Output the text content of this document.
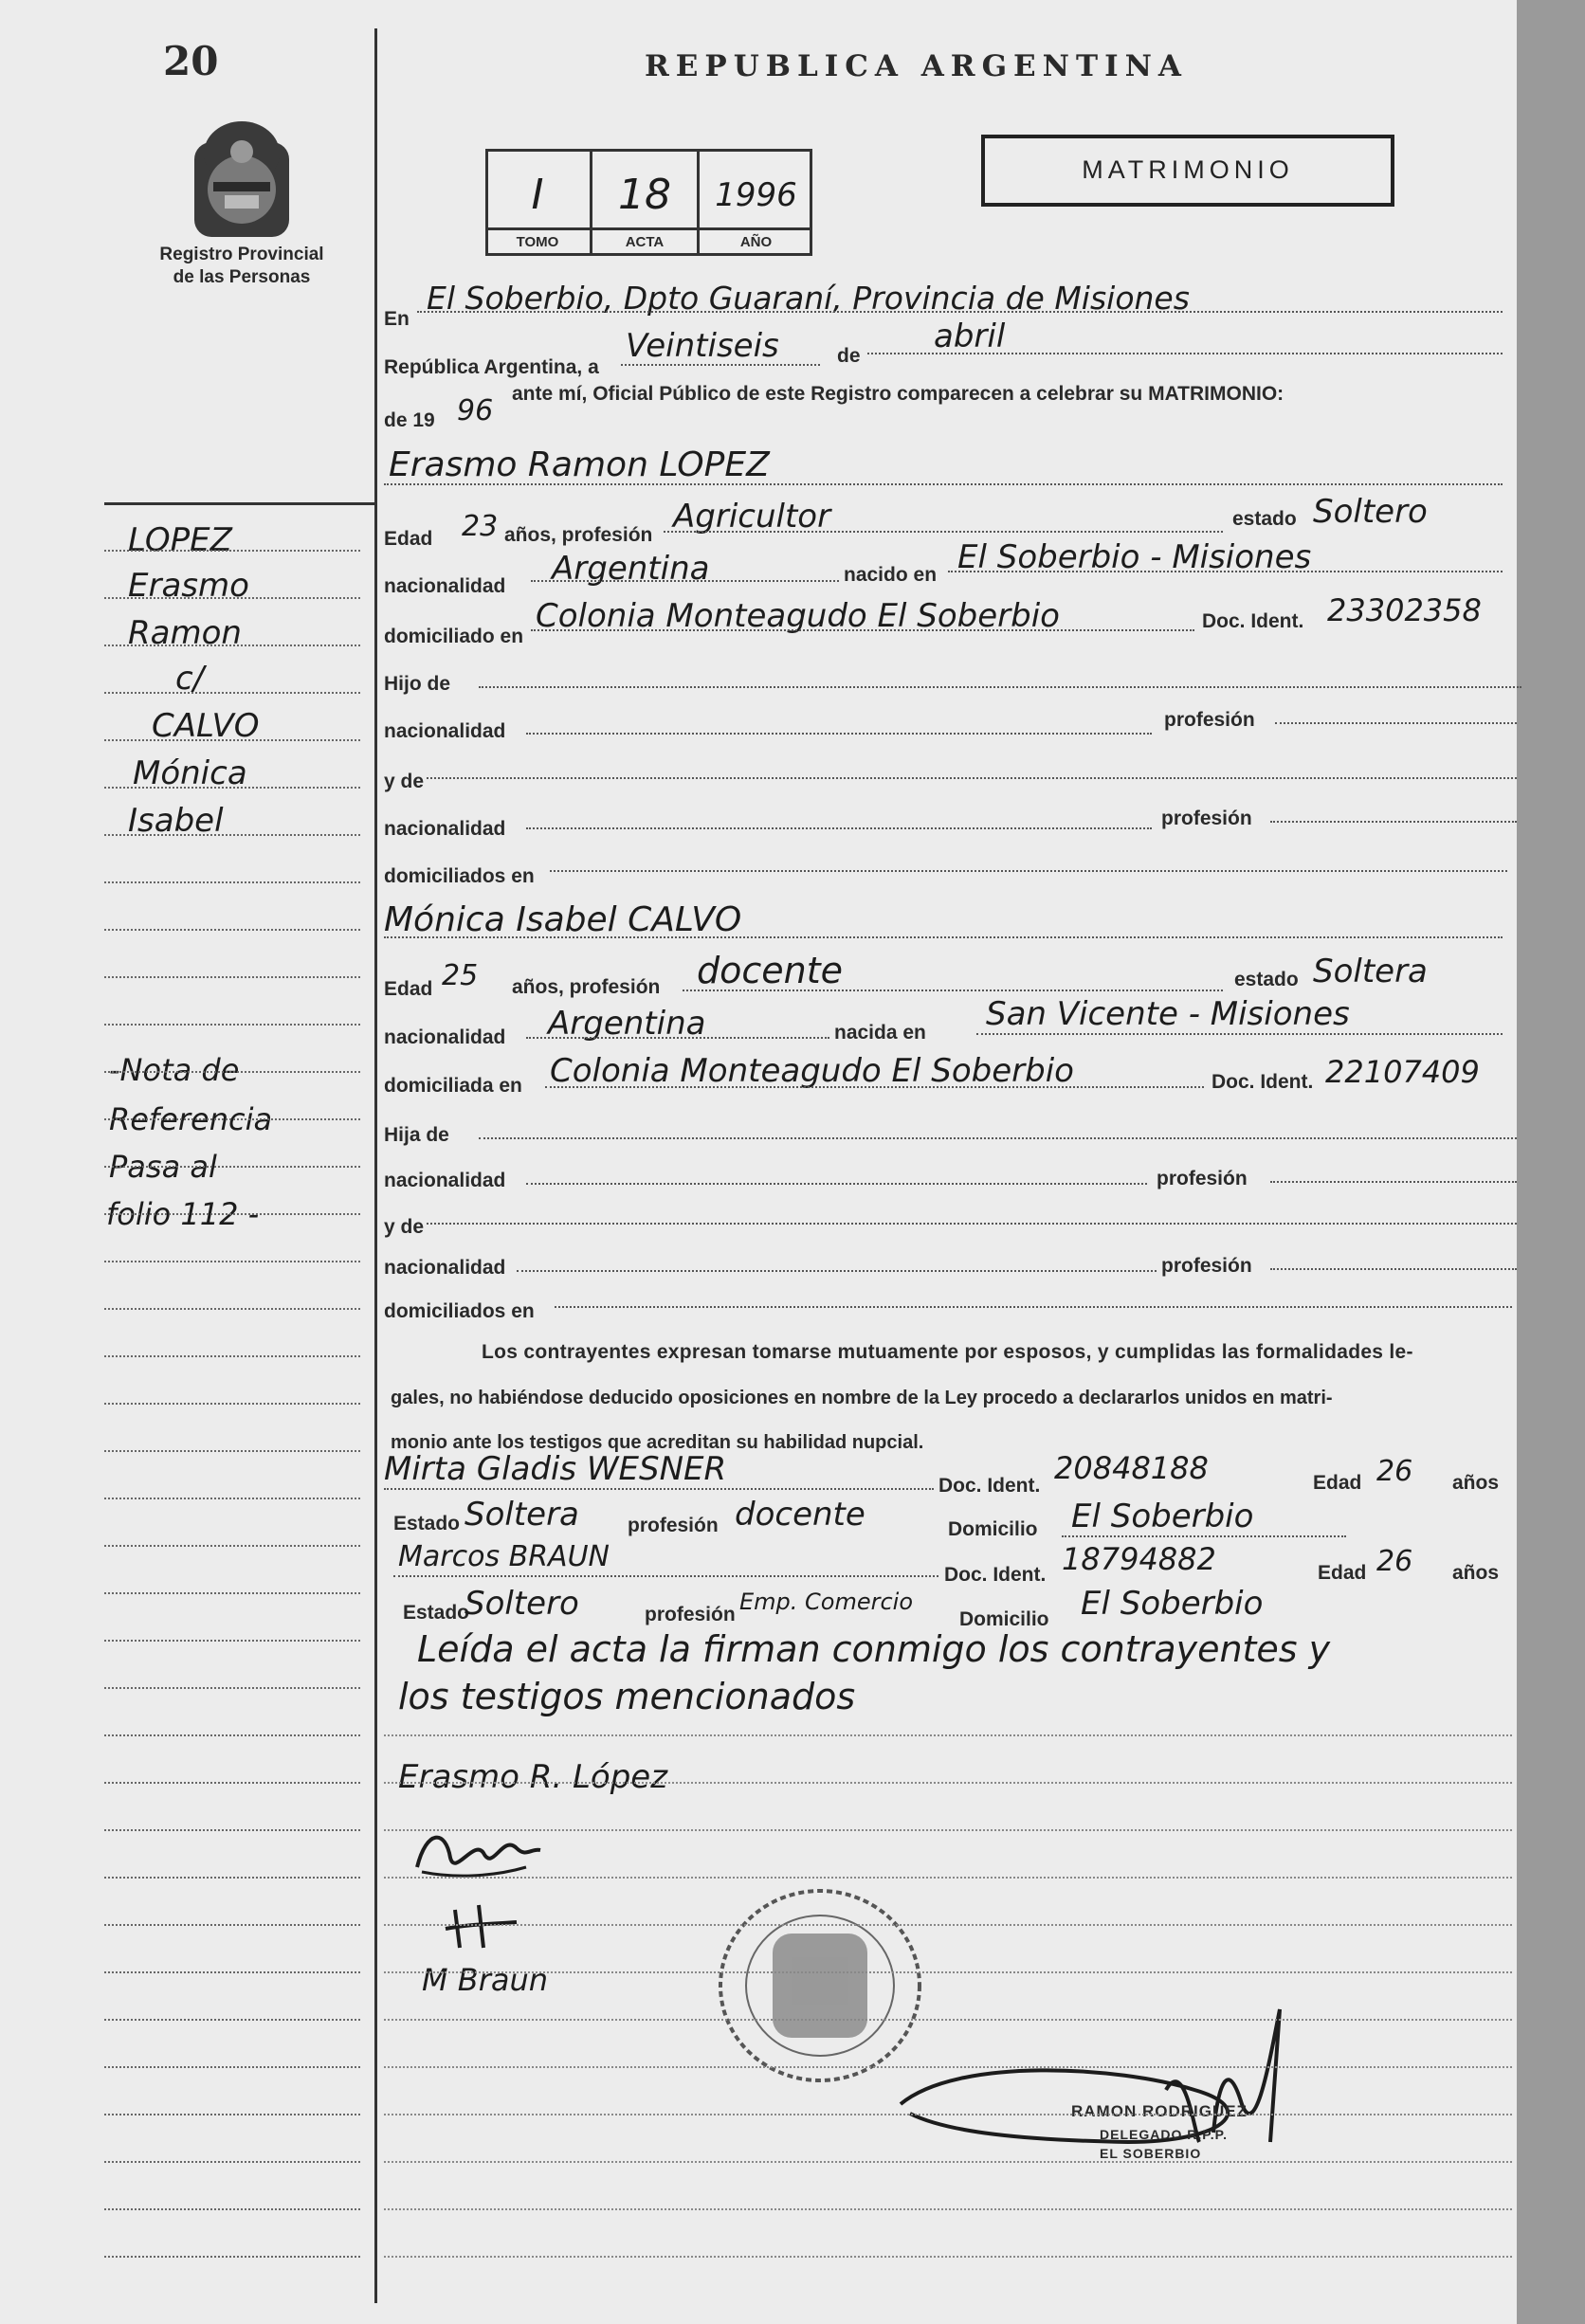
20
Registro Provincial
de las Personas
REPUBLICA ARGENTINA
MATRIMONIO
I	18	1996
TOMO	ACTA	AÑO
LOPEZ
Erasmo
Ramon
c/
CALVO
Mónica
Isabel
-Nota de
Referencia
Pasa al
folio 112 -
En
El Soberbio, Dpto Guaraní, Provincia de Misiones
República Argentina, a
Veintiseis	de
abril
de 19 96
ante mí, Oficial Público de este Registro comparecen a celebrar su MATRIMONIO:
Erasmo Ramon LOPEZ
Edad 23 años, profesión Agricultor	estado Soltero
nacionalidad Argentina	nacido en El Soberbio - Misiones
domiciliado en
Colonia Monteagudo El Soberbio	Doc. Ident. 23302358
Hijo de
nacionalidad
profesión
y de
nacionalidad	profesión
domiciliados en
Mónica Isabel CALVO
Edad 25 años, profesión docente	estado Soltera
nacionalidad Argentina	nacida en San Vicente - Misiones
domiciliada en Colonia Monteagudo El Soberbio	Doc. Ident. 22107409
Hija de
nacionalidad	profesión
y de
nacionalidad	profesión
domiciliados en
Los contrayentes expresan tomarse mutuamente por esposos, y cumplidas las formalidades le-
gales, no habiéndose deducido oposiciones en nombre de la Ley procedo a declararlos unidos en matri-
monio ante los testigos que acreditan su habilidad nupcial.
Mirta Gladis WESNER	Doc. Ident. 20848188	Edad 26 años
Estado Soltera profesión docente	Domicilio El Soberbio
Marcos BRAUN
Doc. Ident. 18794882	Edad 26 años
Estado
Soltero	profesión Emp. Comercio
Domicilio El Soberbio
Leída el acta la firman conmigo los contrayentes y
los testigos mencionados
Erasmo R. López
M Braun
RAMON RODRIGUEZ
DELEGADO R.P.P.
EL SOBERBIO
